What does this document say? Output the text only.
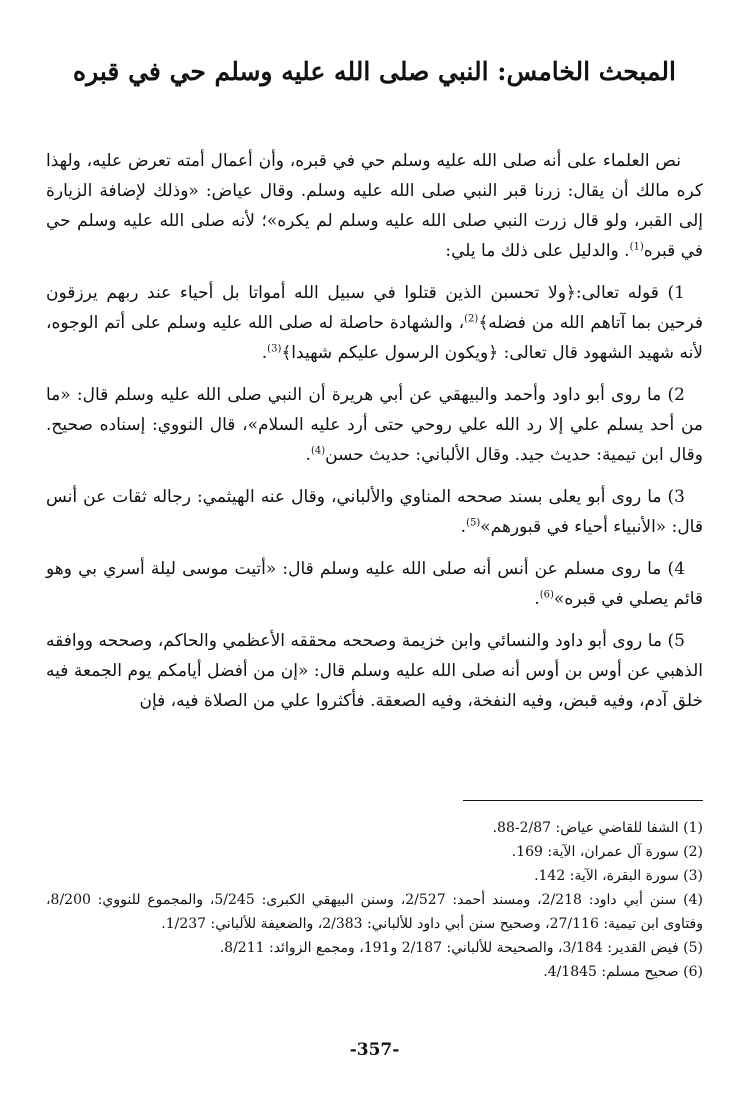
المبحث الخامس: النبي صلى الله عليه وسلم حي في قبره

نص العلماء على أنه صلى الله عليه وسلم حي في قبره، وأن أعمال أمته تعرض عليه، ولهذا كره مالك أن يقال: زرنا قبر النبي صلى الله عليه وسلم. وقال عياض: «وذلك لإضافة الزيارة إلى القبر، ولو قال زرت النبي صلى الله عليه وسلم لم يكره»؛ لأنه صلى الله عليه وسلم حي في قبره$^{(1)}$. والدليل على ذلك ما يلي:

1) قوله تعالى:﴿ولا تحسبن الذين قتلوا في سبيل الله أمواتا بل أحياء عند ربهم يرزقون فرحين بما آتاهم الله من فضله﴾$^{(2)}$، والشهادة حاصلة له صلى الله عليه وسلم على أتم الوجوه، لأنه شهيد الشهود قال تعالى: ﴿ويكون الرسول عليكم شهيدا﴾$^{(3)}$.

2) ما روى أبو داود وأحمد والبيهقي عن أبي هريرة أن النبي صلى الله عليه وسلم قال: «ما من أحد يسلم علي إلا رد الله علي روحي حتى أرد عليه السلام»، قال النووي: إسناده صحيح. وقال ابن تيمية: حديث جيد. وقال الألباني: حديث حسن$^{(4)}$.

3) ما روى أبو يعلى بسند صححه المناوي والألباني، وقال عنه الهيثمي: رجاله ثقات عن أنس قال: «الأنبياء أحياء في قبورهم»$^{(5)}$.

4) ما روى مسلم عن أنس أنه صلى الله عليه وسلم قال: «أتيت موسى ليلة أسري بي وهو قائم يصلي في قبره»$^{(6)}$.

5) ما روى أبو داود والنسائي وابن خزيمة وصححه محققه الأعظمي والحاكم، وصححه ووافقه الذهبي عن أوس بن أوس أنه صلى الله عليه وسلم قال: «إن من أفضل أيامكم يوم الجمعة فيه خلق آدم، وفيه قبض، وفيه النفخة، وفيه الصعقة. فأكثروا علي من الصلاة فيه، فإن

(1) الشفا للقاضي عياض: 2/87-88.

(2) سورة آل عمران، الآية: 169.

(3) سورة البقرة، الآية: 142.

(4) سنن أبي داود: 2/218، ومسند أحمد: 2/527، وسنن البيهقي الكبرى: 5/245، والمجموع للنووي: 8/200، وفتاوى ابن تيمية: 27/116، وصحيح سنن أبي داود للألباني: 2/383، والضعيفة للألباني: 1/237.

(5) فيض القدير: 3/184، والصحيحة للألباني: 2/187 و191، ومجمع الزوائد: 8/211.

(6) صحيح مسلم: 4/1845.

-357-
